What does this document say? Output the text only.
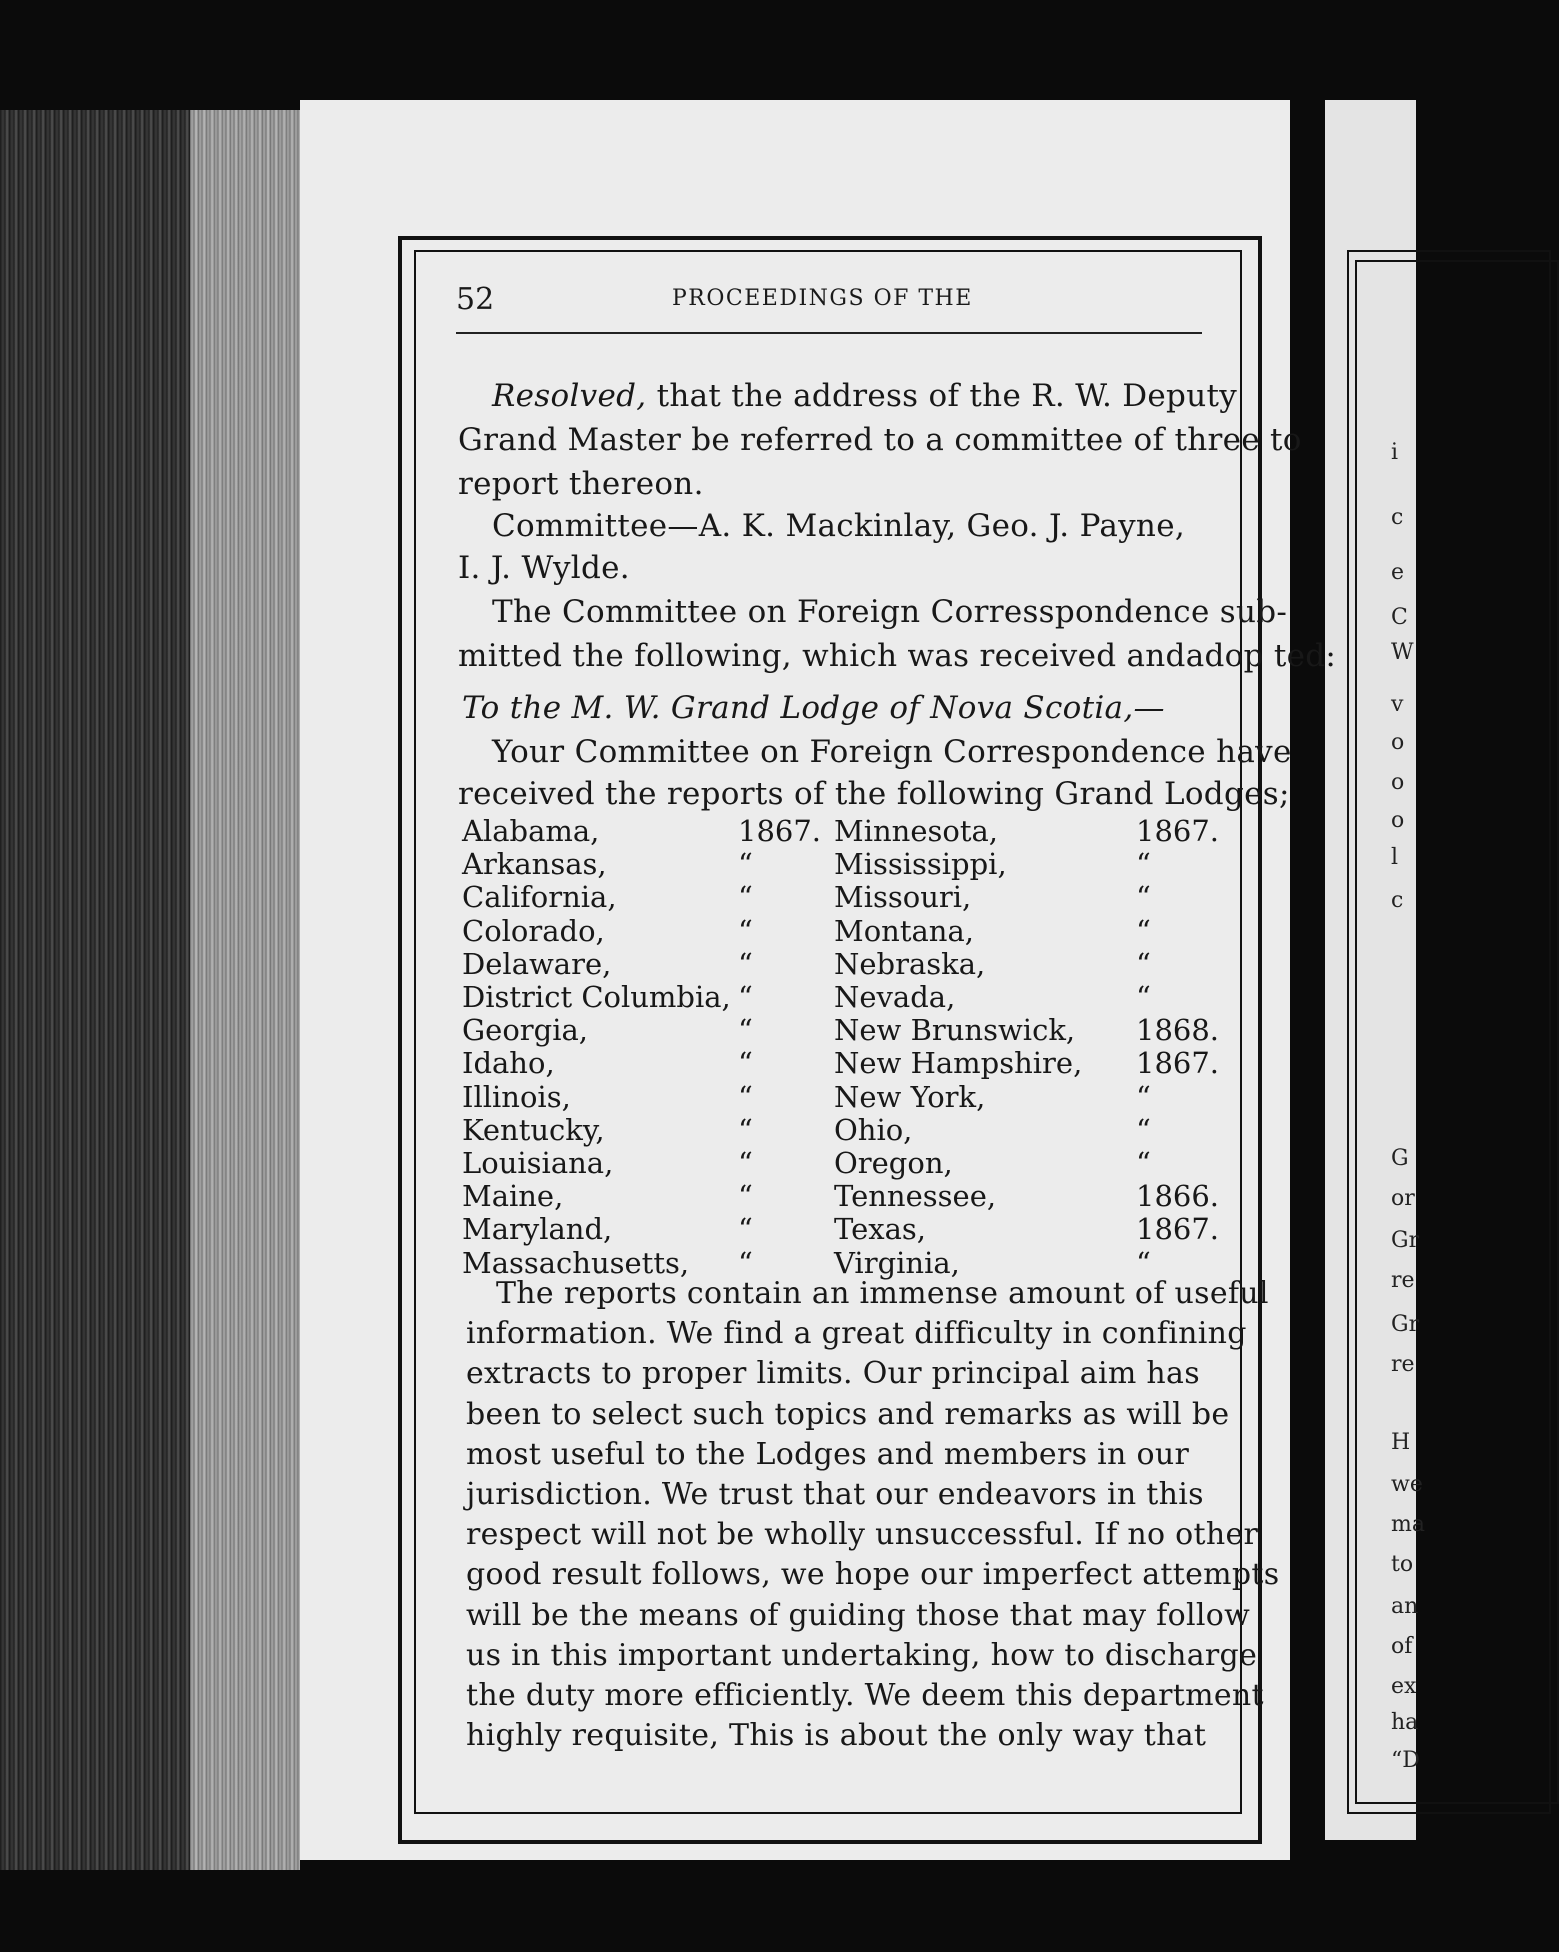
i
c
e
C
W
v
o
o
o
l
c
G
or
Gr
re
Gr
re
H
we
ma
to
an
of
ex
ha
“D
52	PROCEEDINGS OF THE
Resolved, that the address of the R. W. Deputy
Grand Master be referred to a committee of three to
report thereon.
Committee—A. K. Mackinlay, Geo. J. Payne,
I. J. Wylde.
The Committee on Foreign Corresspondence sub-
mitted the following, which was received andadop ted:
To the M. W. Grand Lodge of Nova Scotia,—
Your Committee on Foreign Correspondence have
received the reports of the following Grand Lodges;
Alabama,	1867.
Arkansas,	“
California,	“
Colorado,	“
Delaware,	“
District Columbia, “
Georgia,	“
Idaho,	“
Illinois,	“
Kentucky,	“
Louisiana,	“
Maine,	“
Maryland,	“
Massachusetts, “
Minnesota,	1867.
Mississippi,	“
Missouri,	“
Montana,	“
Nebraska,	“
Nevada,	“
New Brunswick, 1868.
New Hampshire, 1867.
New York,	“
Ohio,	“
Oregon,	“
Tennessee,	1866.
Texas,	1867.
Virginia,	“
The reports contain an immense amount of useful
information. We find a great difficulty in confining
extracts to proper limits. Our principal aim has
been to select such topics and remarks as will be
most useful to the Lodges and members in our
jurisdiction. We trust that our endeavors in this
respect will not be wholly unsuccessful. If no other
good result follows, we hope our imperfect attempts
will be the means of guiding those that may follow
us in this important undertaking, how to discharge
the duty more efficiently. We deem this department
highly requisite, This is about the only way that
